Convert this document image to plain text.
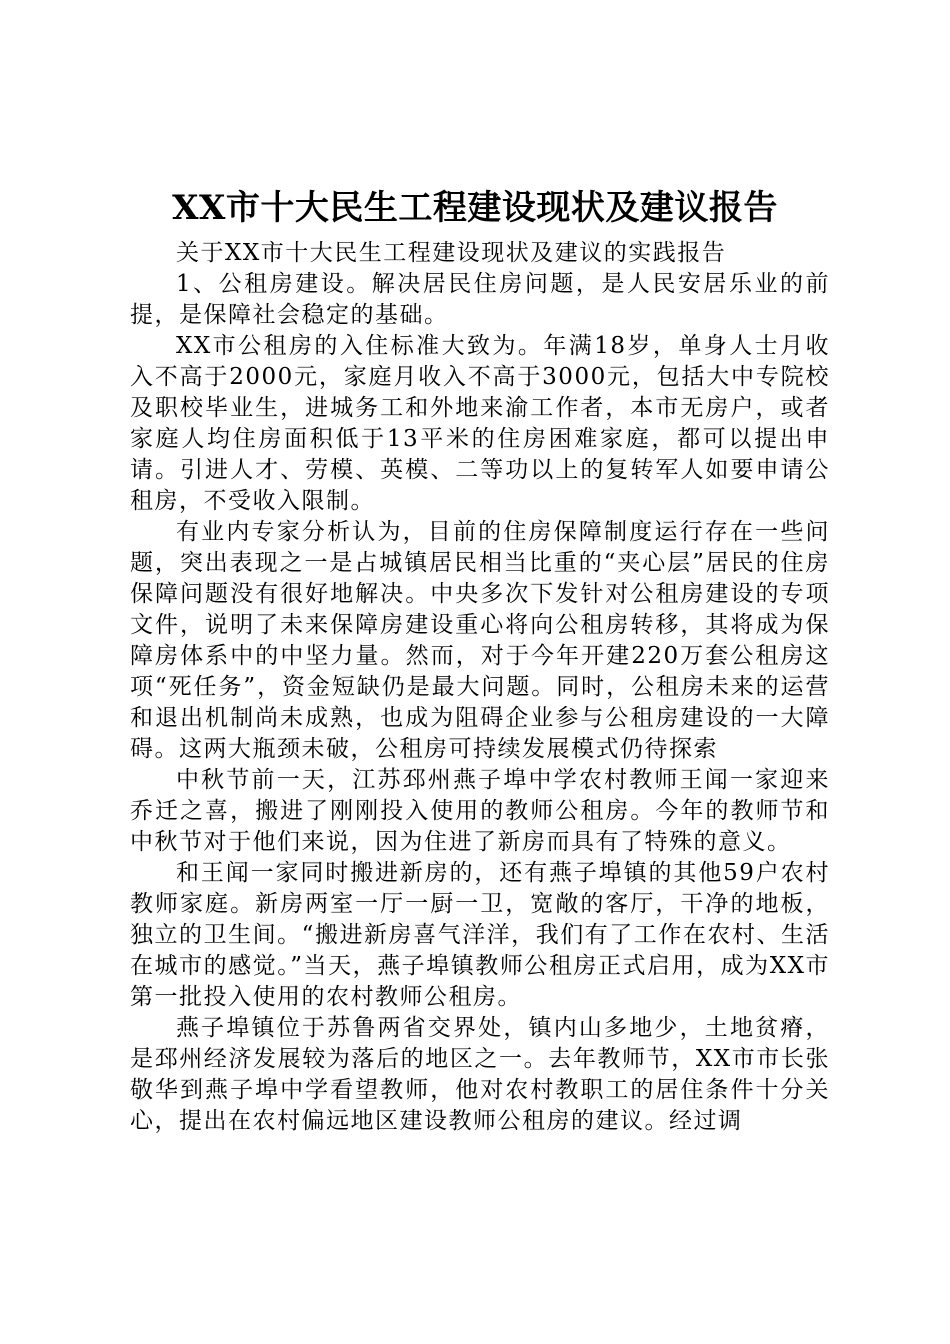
XX市十大民生工程建设现状及建议报告

关于XX市十大民生工程建设现状及建议的实践报告

1、公租房建设。解决居民住房问题，是人民安居乐业的前提，是保障社会稳定的基础。

XX市公租房的入住标准大致为。年满18岁，单身人士月收入不高于2000元，家庭月收入不高于3000元，包括大中专院校及职校毕业生，进城务工和外地来渝工作者，本市无房户，或者家庭人均住房面积低于13平米的住房困难家庭，都可以提出申请。引进人才、劳模、英模、二等功以上的复转军人如要申请公租房，不受收入限制。

有业内专家分析认为，目前的住房保障制度运行存在一些问题，突出表现之一是占城镇居民相当比重的“夹心层”居民的住房保障问题没有很好地解决。中央多次下发针对公租房建设的专项文件，说明了未来保障房建设重心将向公租房转移，其将成为保障房体系中的中坚力量。然而，对于今年开建220万套公租房这项“死任务”，资金短缺仍是最大问题。同时，公租房未来的运营和退出机制尚未成熟，也成为阻碍企业参与公租房建设的一大障碍。这两大瓶颈未破，公租房可持续发展模式仍待探索

中秋节前一天，江苏邳州燕子埠中学农村教师王闻一家迎来乔迁之喜，搬进了刚刚投入使用的教师公租房。今年的教师节和中秋节对于他们来说，因为住进了新房而具有了特殊的意义。

和王闻一家同时搬进新房的，还有燕子埠镇的其他59户农村教师家庭。新房两室一厅一厨一卫，宽敞的客厅，干净的地板，独立的卫生间。“搬进新房喜气洋洋，我们有了工作在农村、生活在城市的感觉。”当天，燕子埠镇教师公租房正式启用，成为XX市第一批投入使用的农村教师公租房。

燕子埠镇位于苏鲁两省交界处，镇内山多地少，土地贫瘠，是邳州经济发展较为落后的地区之一。去年教师节，XX市市长张敬华到燕子埠中学看望教师，他对农村教职工的居住条件十分关心，提出在农村偏远地区建设教师公租房的建议。经过调
